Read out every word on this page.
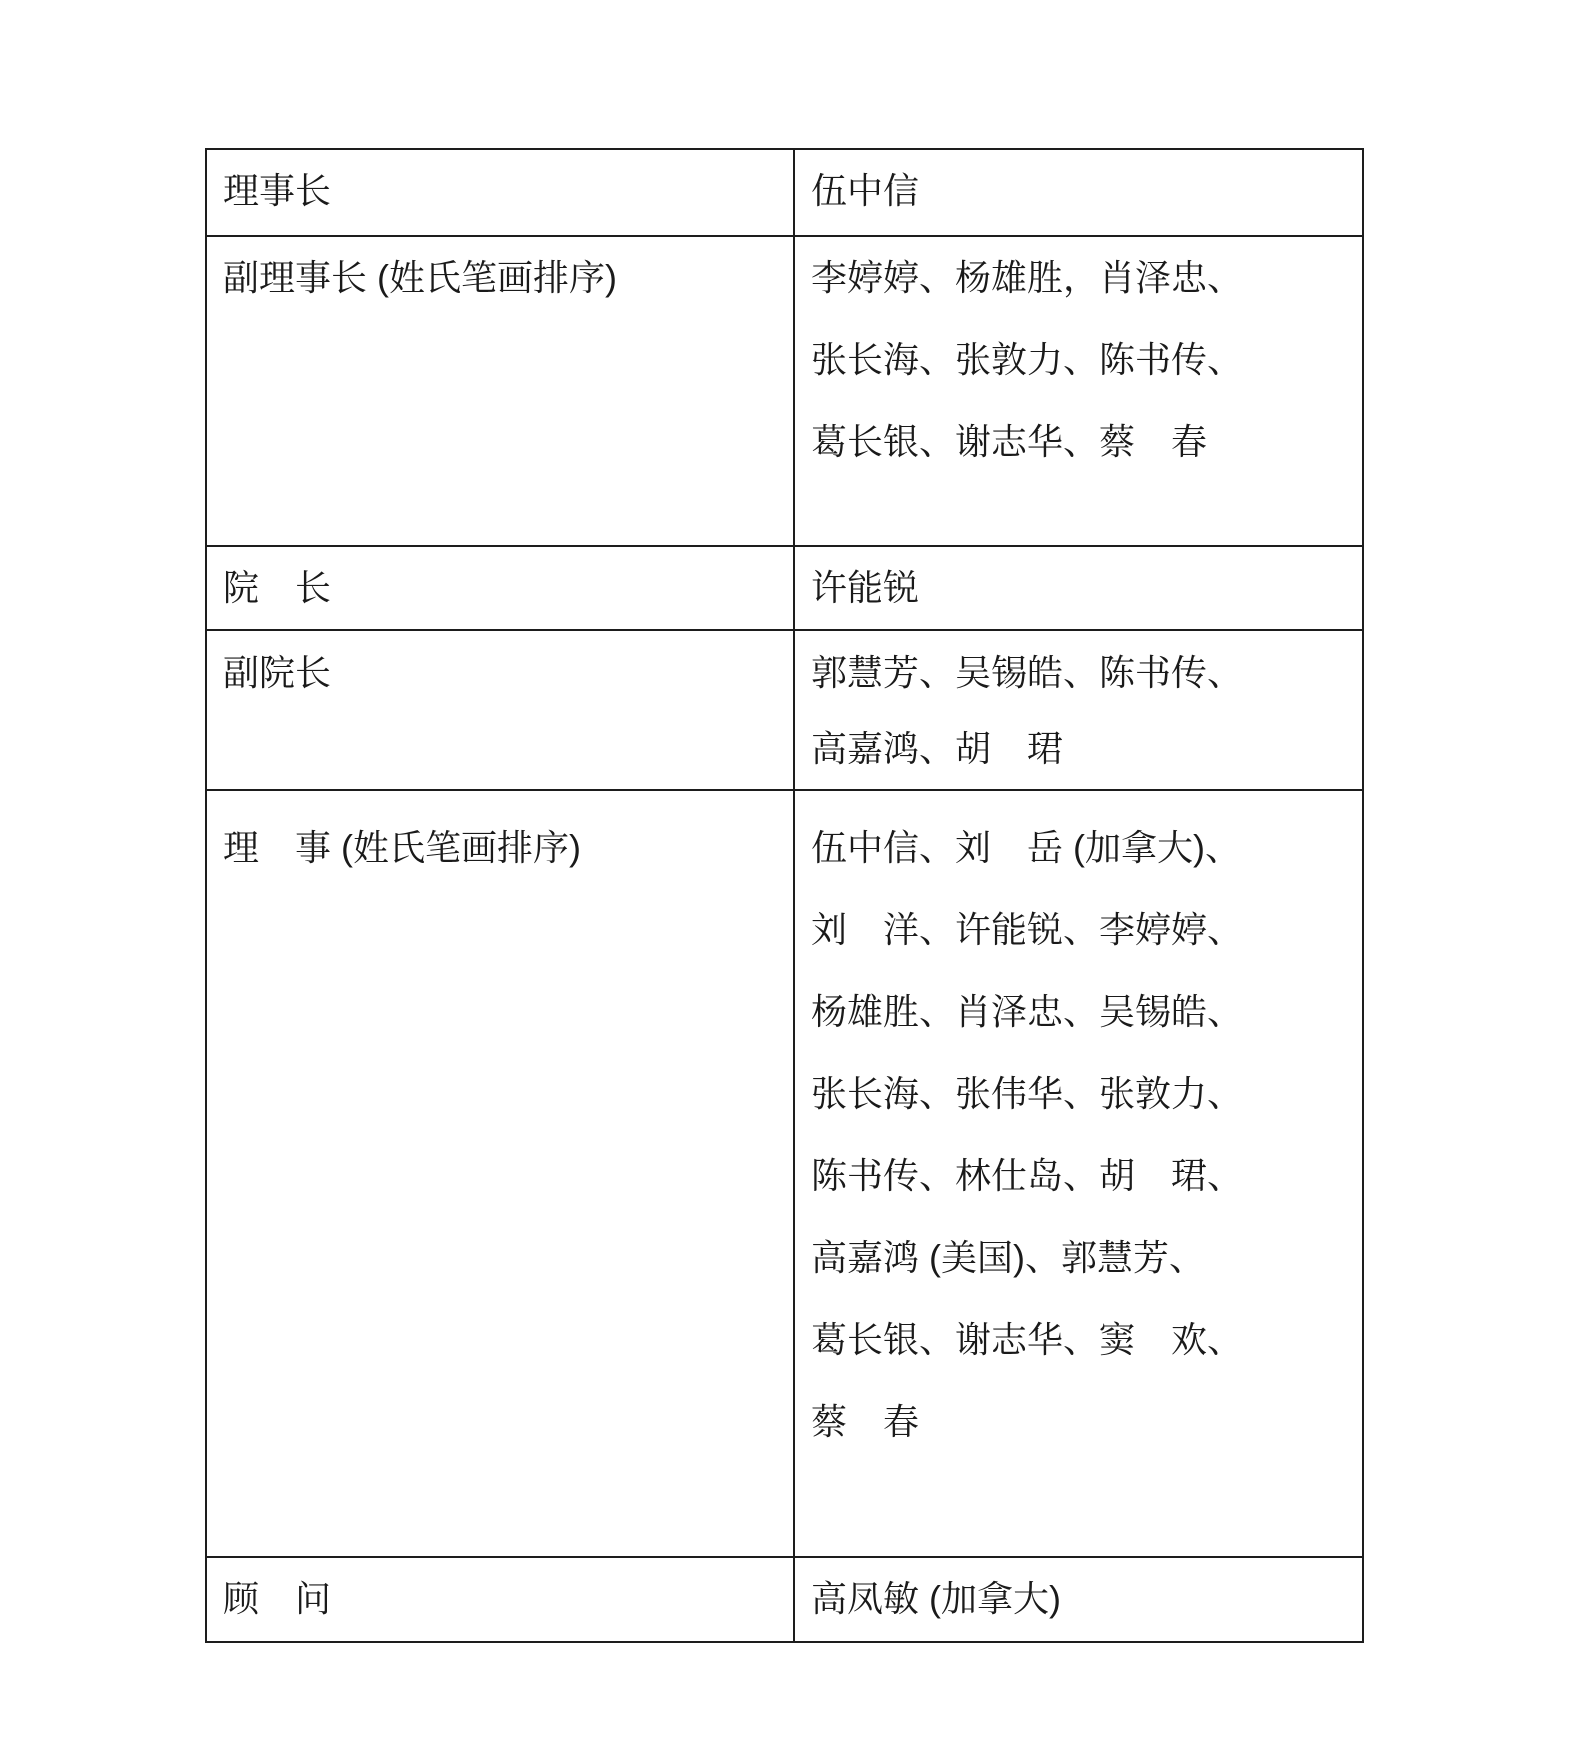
理事长	伍中信

副理事长 (姓氏笔画排序)	李婷婷、杨雄胜，肖泽忠、
张长海、张敦力、陈书传、
葛长银、谢志华、蔡　春

院　长	许能锐

副院长	郭慧芳、吴锡皓、陈书传、
高嘉鸿、胡　珺

理　事 (姓氏笔画排序)	伍中信、刘　岳 (加拿大)、
刘　洋、许能锐、李婷婷、
杨雄胜、肖泽忠、吴锡皓、
张长海、张伟华、张敦力、
陈书传、林仕岛、胡　珺、
高嘉鸿 (美国)、郭慧芳、
葛长银、谢志华、窦　欢、
蔡　春

顾　问	高凤敏 (加拿大)
